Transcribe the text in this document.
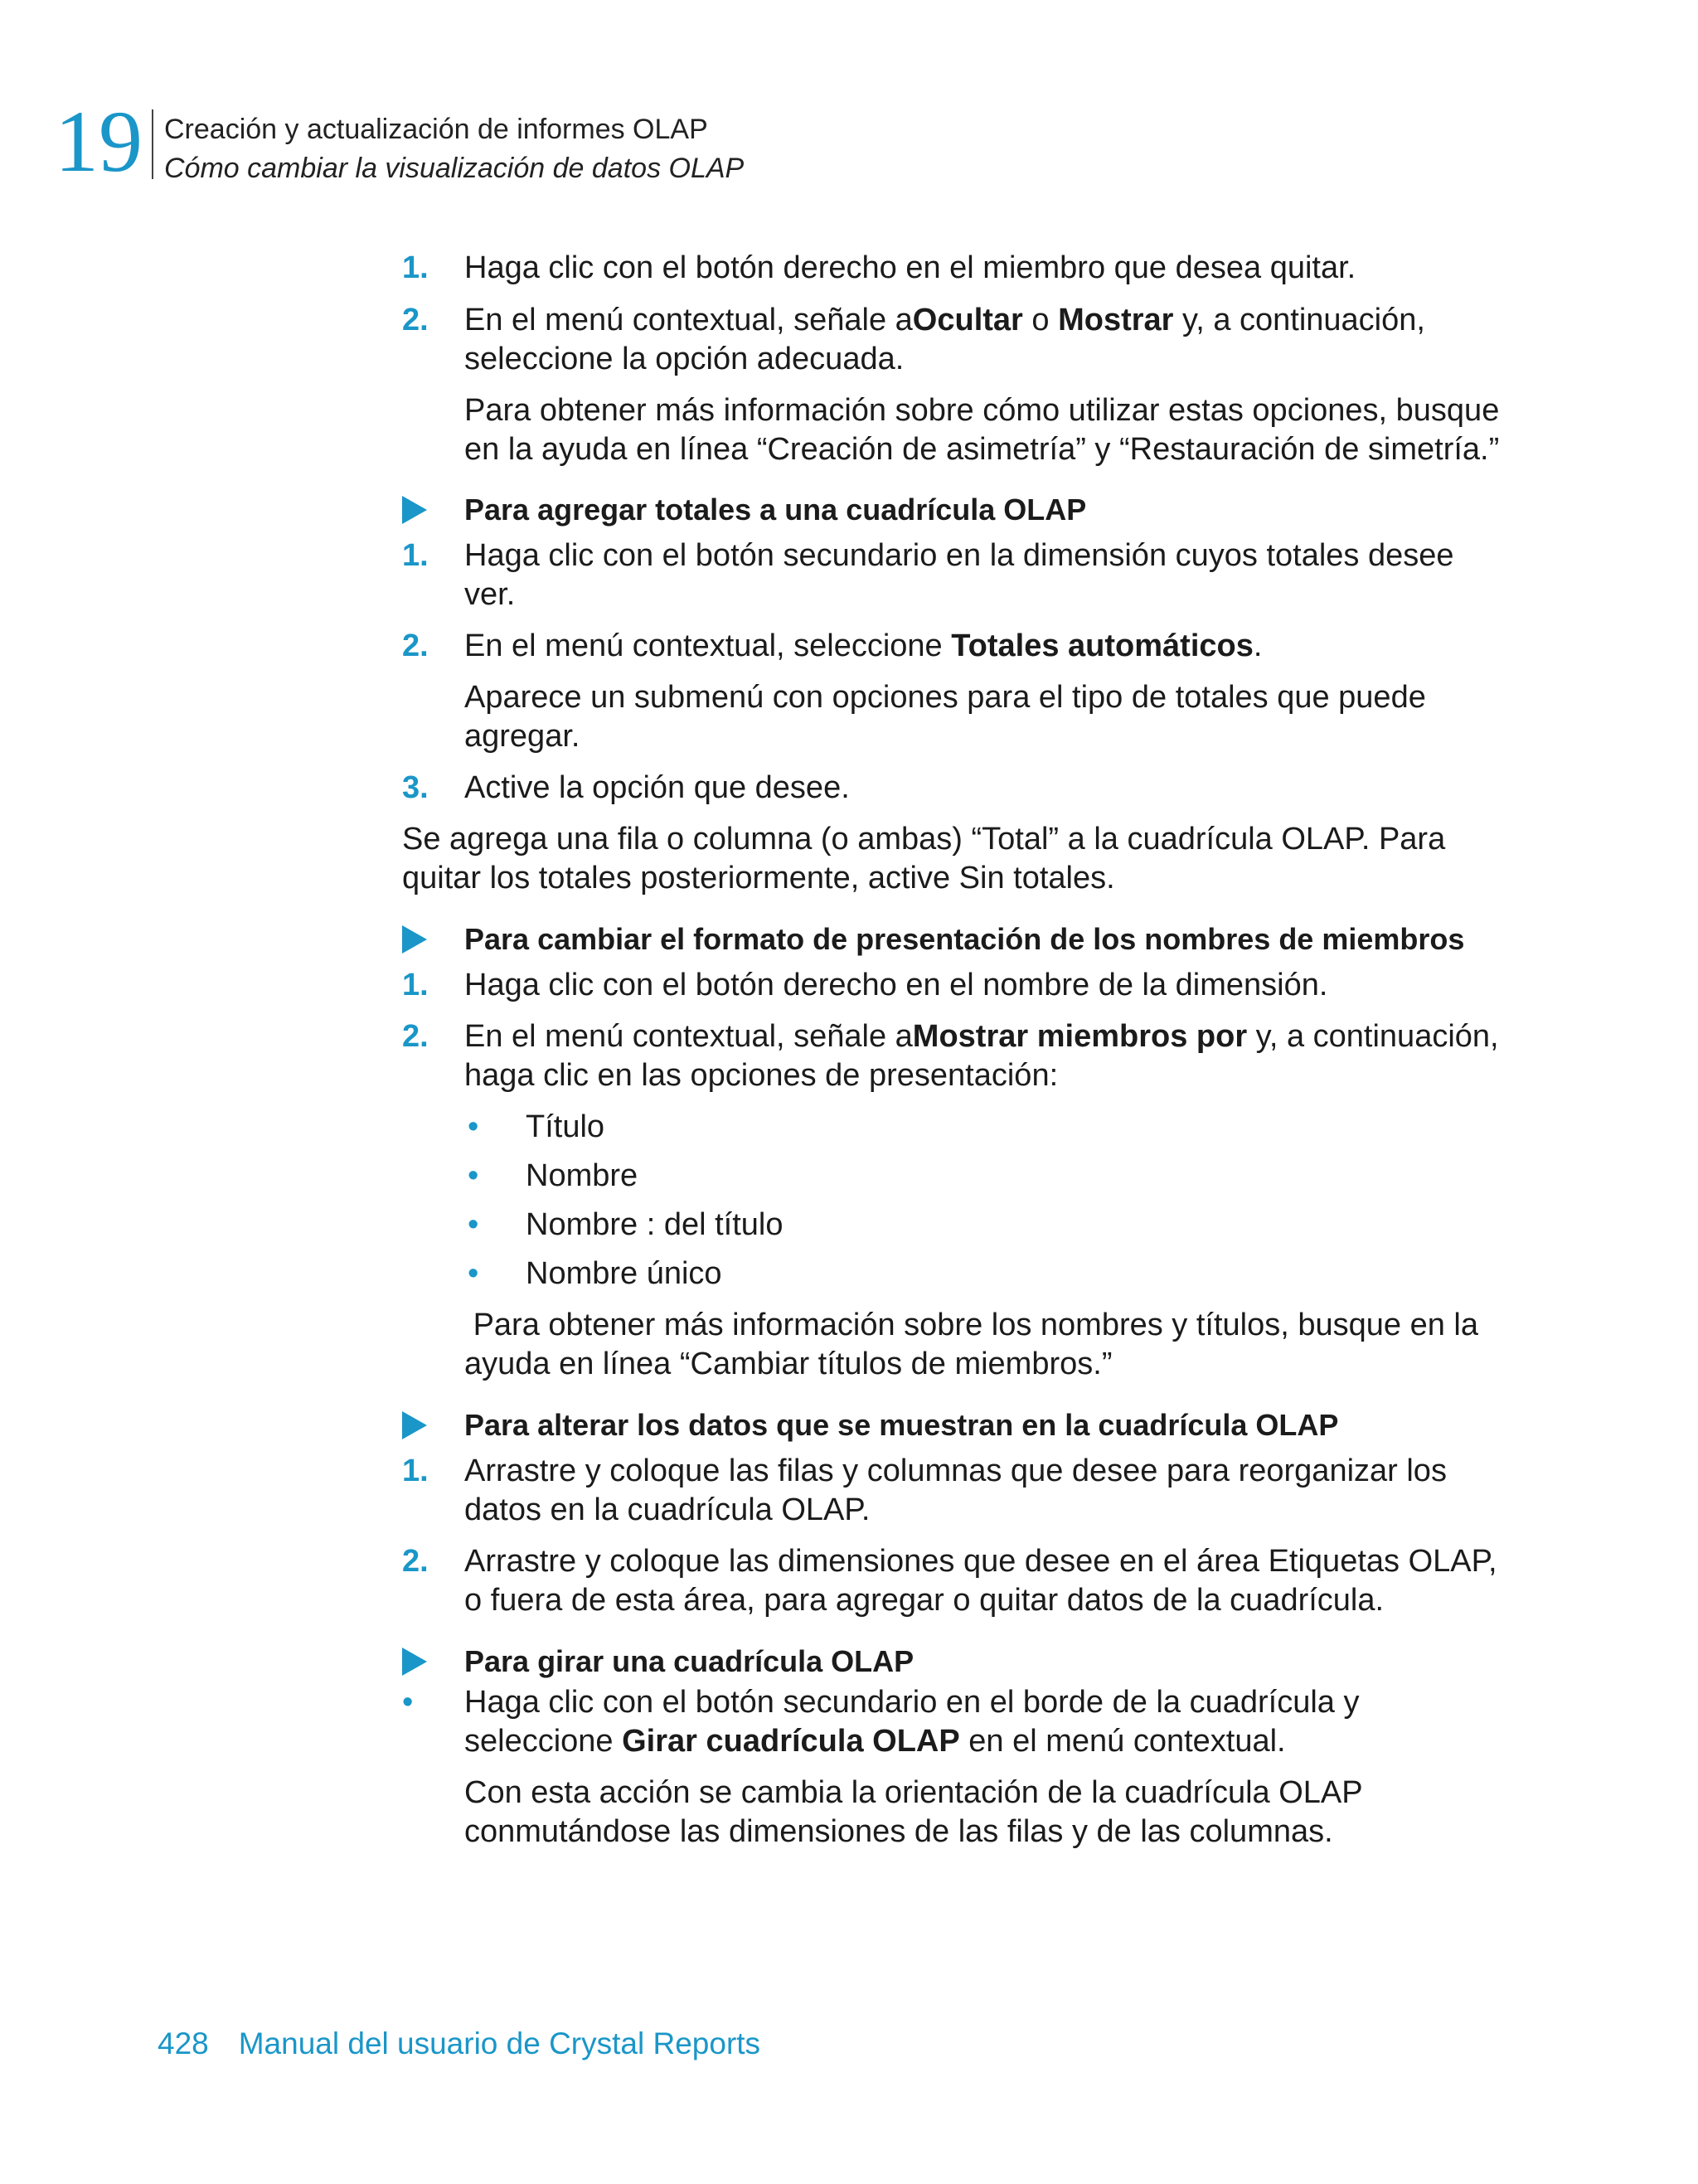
19 Creación y actualización de informes OLAP
Cómo cambiar la visualización de datos OLAP
1.	Haga clic con el botón derecho en el miembro que desea quitar.
2.	En el menú contextual, señale aOcultar o Mostrar y, a continuación, seleccione la opción adecuada.

Para obtener más información sobre cómo utilizar estas opciones, busque en la ayuda en línea “Creación de asimetría” y “Restauración de simetría.”

Para agregar totales a una cuadrícula OLAP
1.	Haga clic con el botón secundario en la dimensión cuyos totales desee ver.
2.	En el menú contextual, seleccione Totales automáticos.

Aparece un submenú con opciones para el tipo de totales que puede agregar.

3.	Active la opción que desee.

Se agrega una fila o columna (o ambas) “Total” a la cuadrícula OLAP. Para quitar los totales posteriormente, active Sin totales.

Para cambiar el formato de presentación de los nombres de miembros
1.	Haga clic con el botón derecho en el nombre de la dimensión.
2.	En el menú contextual, señale aMostrar miembros por y, a continuación, haga clic en las opciones de presentación:
•	Título
•	Nombre
•	Nombre : del título
•	Nombre único

Para obtener más información sobre los nombres y títulos, busque en la ayuda en línea “Cambiar títulos de miembros.”

Para alterar los datos que se muestran en la cuadrícula OLAP
1.	Arrastre y coloque las filas y columnas que desee para reorganizar los datos en la cuadrícula OLAP.
2.	Arrastre y coloque las dimensiones que desee en el área Etiquetas OLAP, o fuera de esta área, para agregar o quitar datos de la cuadrícula.
Para girar una cuadrícula OLAP
•	Haga clic con el botón secundario en el borde de la cuadrícula y seleccione Girar cuadrícula OLAP en el menú contextual.

Con esta acción se cambia la orientación de la cuadrícula OLAP conmutándose las dimensiones de las filas y de las columnas.

428 Manual del usuario de Crystal Reports
